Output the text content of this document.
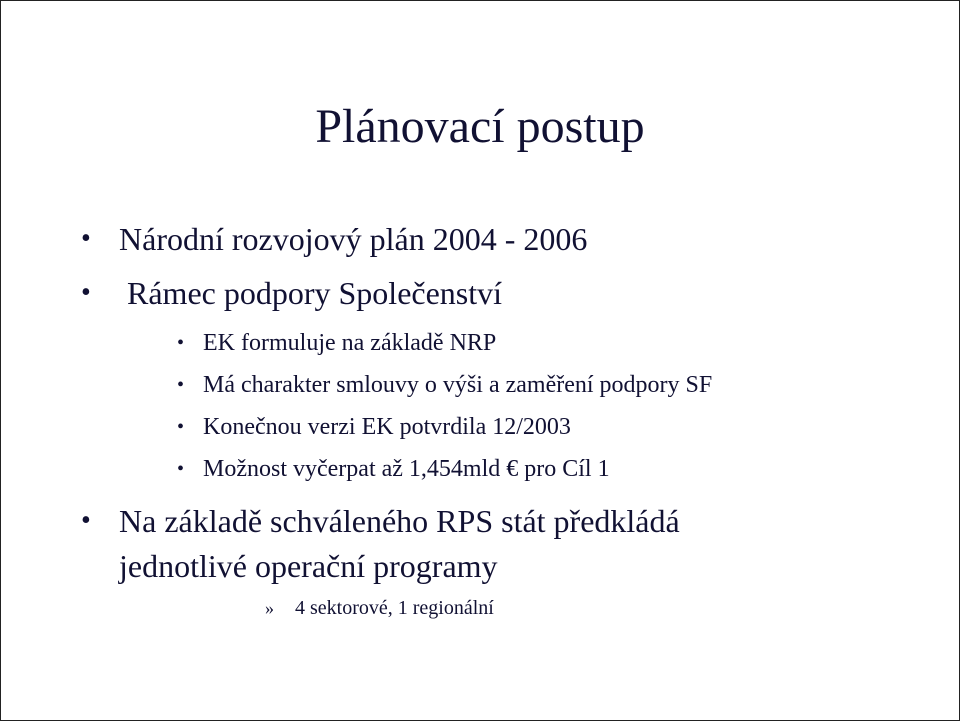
Plánovací postup
• Národní rozvojový plán 2004 - 2006
• Rámec podpory Společenství
• EK formuluje na základě NRP
• Má charakter smlouvy o výši a zaměření podpory SF
• Konečnou verzi EK potvrdila 12/2003
• Možnost vyčerpat až 1,454mld € pro Cíl 1
• Na základě schváleného RPS stát předkládá
jednotlivé operační programy
» 4 sektorové, 1 regionální
